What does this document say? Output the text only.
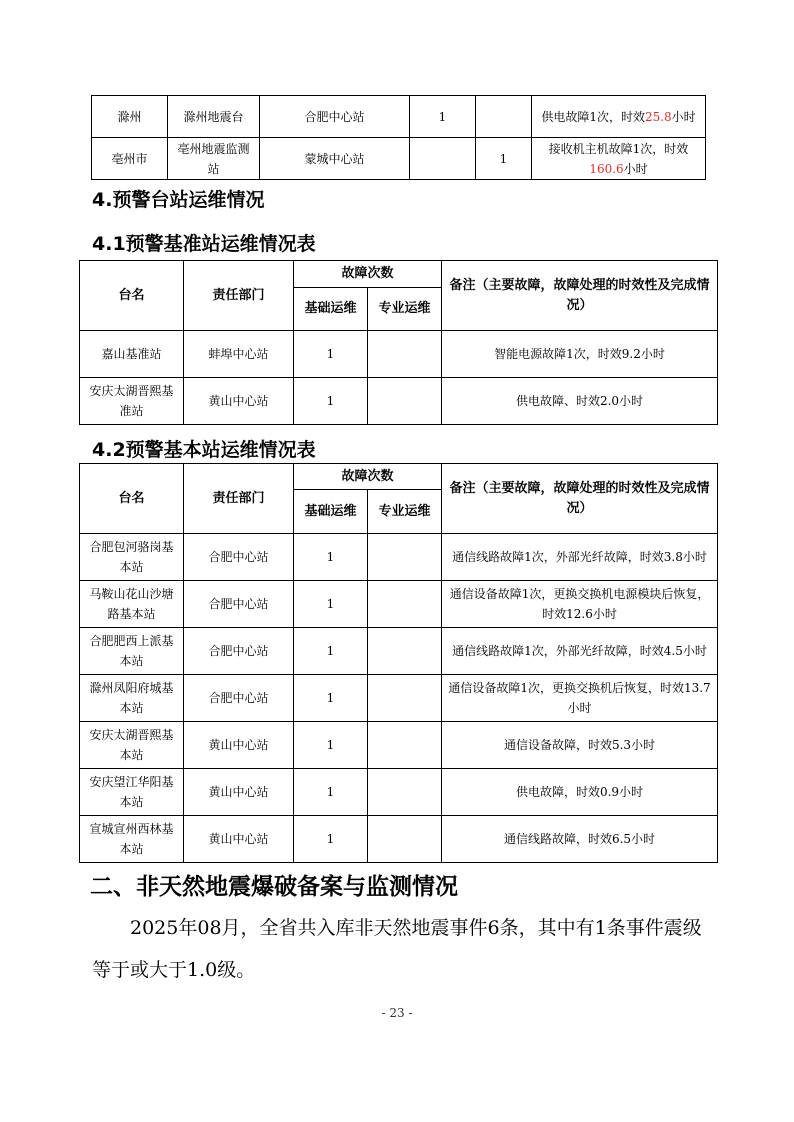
滁州	滁州地震台	合肥中心站	1		供电故障1次，时效25.8小时
亳州市	亳州地震监测站	蒙城中心站		1	接收机主机故障1次，时效160.6小时
4.预警台站运维情况
4.1预警基准站运维情况表
台名	责任部门	故障次数		备注（主要故障，故障处理的时效性及完成情况）
		基础运维	专业运维	
嘉山基准站	蚌埠中心站	1		智能电源故障1次，时效9.2小时
安庆太湖晋熙基准站	黄山中心站	1		供电故障、时效2.0小时
4.2预警基本站运维情况表
台名	责任部门	故障次数		备注（主要故障，故障处理的时效性及完成情况）
		基础运维	专业运维	
合肥包河骆岗基本站	合肥中心站	1		通信线路故障1次，外部光纤故障，时效3.8小时
马鞍山花山沙塘路基本站	合肥中心站	1		通信设备故障1次，更换交换机电源模块后恢复，时效12.6小时
合肥肥西上派基本站	合肥中心站	1		通信线路故障1次，外部光纤故障，时效4.5小时
滁州凤阳府城基本站	合肥中心站	1		通信设备故障1次，更换交换机后恢复，时效13.7小时
安庆太湖晋熙基本站	黄山中心站	1		通信设备故障，时效5.3小时
安庆望江华阳基本站	黄山中心站	1		供电故障，时效0.9小时
宣城宣州西林基本站	黄山中心站	1		通信线路故障，时效6.5小时
二、非天然地震爆破备案与监测情况

2025年08月，全省共入库非天然地震事件6条，其中有1条事件震级等于或大于1.0级。

- 23 -
